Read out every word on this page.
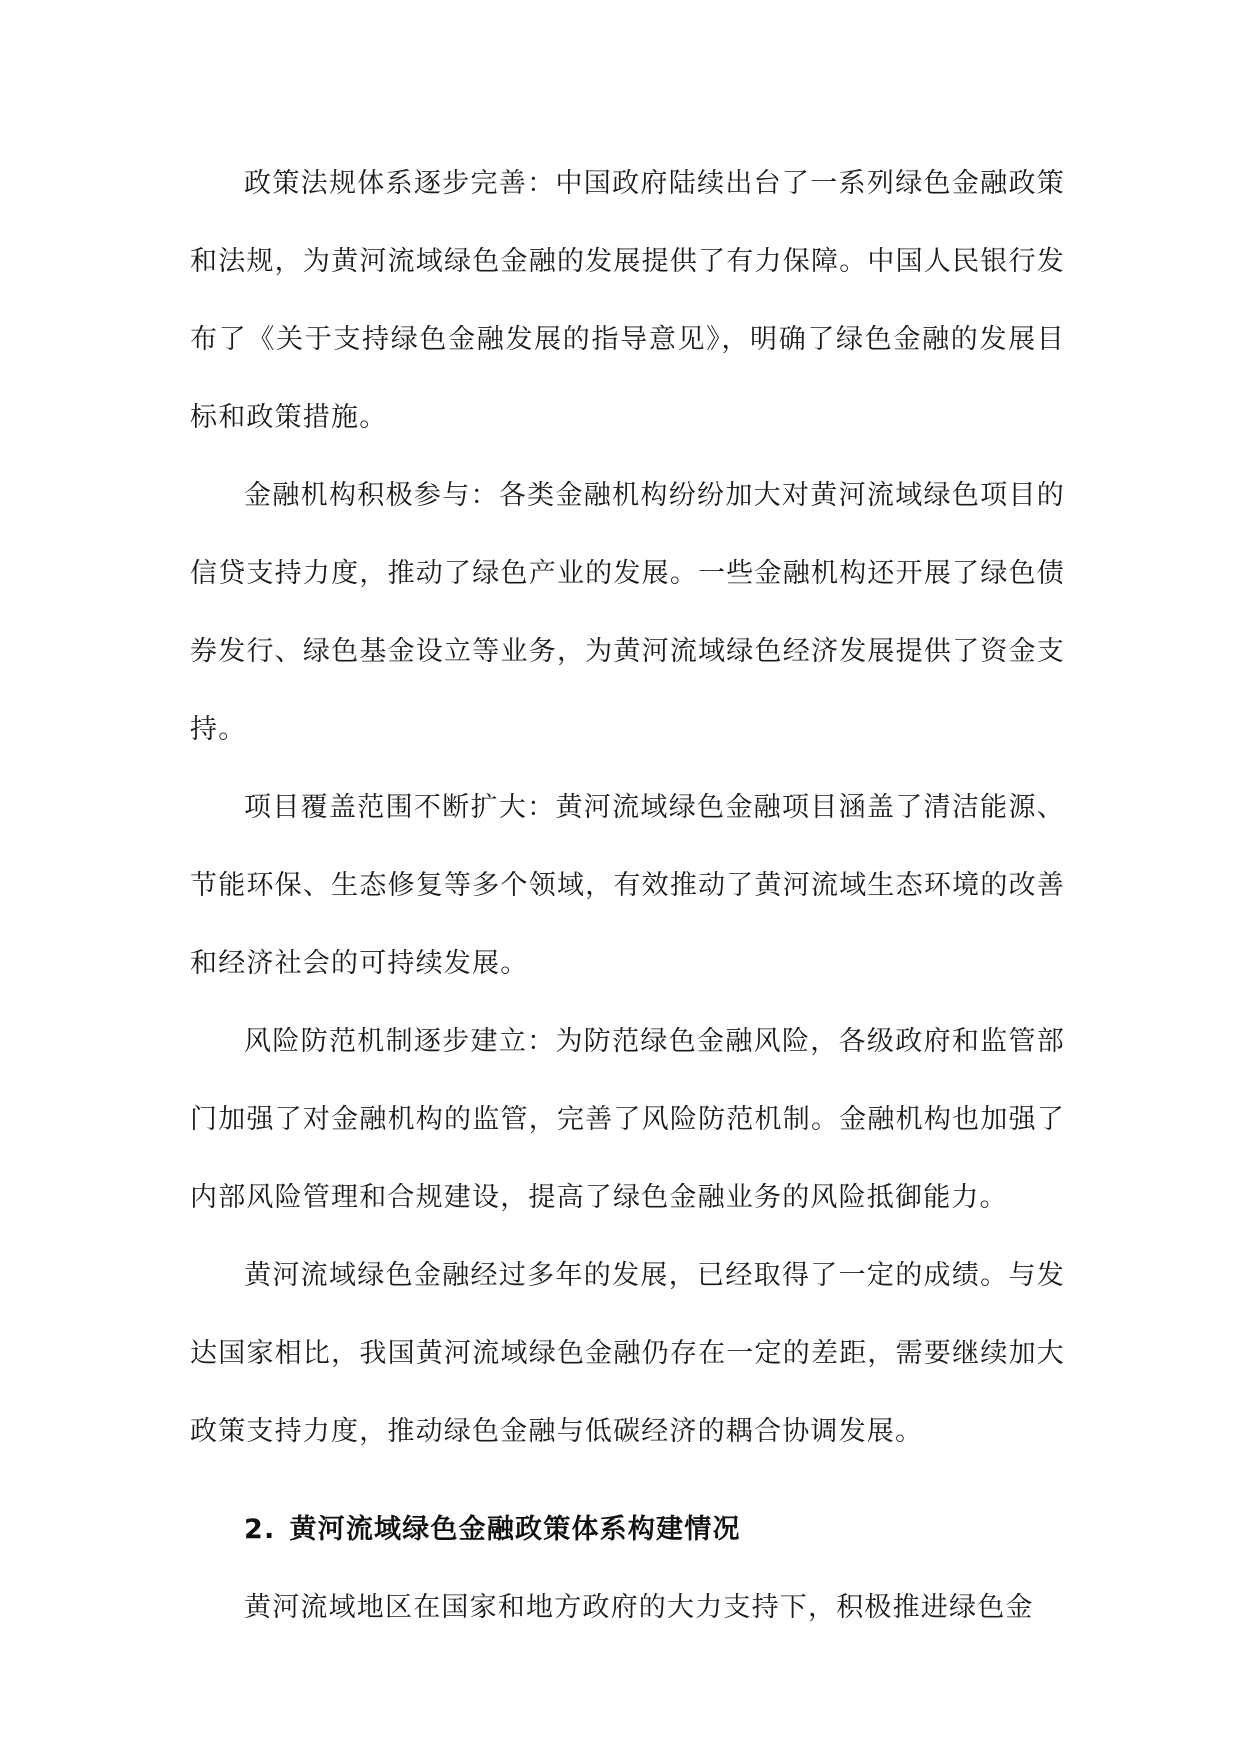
政策法规体系逐步完善：中国政府陆续出台了一系列绿色金融政策和法规，为黄河流域绿色金融的发展提供了有力保障。中国人民银行发布了《关于支持绿色金融发展的指导意见》，明确了绿色金融的发展目标和政策措施。

金融机构积极参与：各类金融机构纷纷加大对黄河流域绿色项目的信贷支持力度，推动了绿色产业的发展。一些金融机构还开展了绿色债券发行、绿色基金设立等业务，为黄河流域绿色经济发展提供了资金支持。

项目覆盖范围不断扩大：黄河流域绿色金融项目涵盖了清洁能源、节能环保、生态修复等多个领域，有效推动了黄河流域生态环境的改善和经济社会的可持续发展。

风险防范机制逐步建立：为防范绿色金融风险，各级政府和监管部门加强了对金融机构的监管，完善了风险防范机制。金融机构也加强了内部风险管理和合规建设，提高了绿色金融业务的风险抵御能力。

黄河流域绿色金融经过多年的发展，已经取得了一定的成绩。与发达国家相比，我国黄河流域绿色金融仍存在一定的差距，需要继续加大政策支持力度，推动绿色金融与低碳经济的耦合协调发展。

2. 黄河流域绿色金融政策体系构建情况

黄河流域地区在国家和地方政府的大力支持下，积极推进绿色金
